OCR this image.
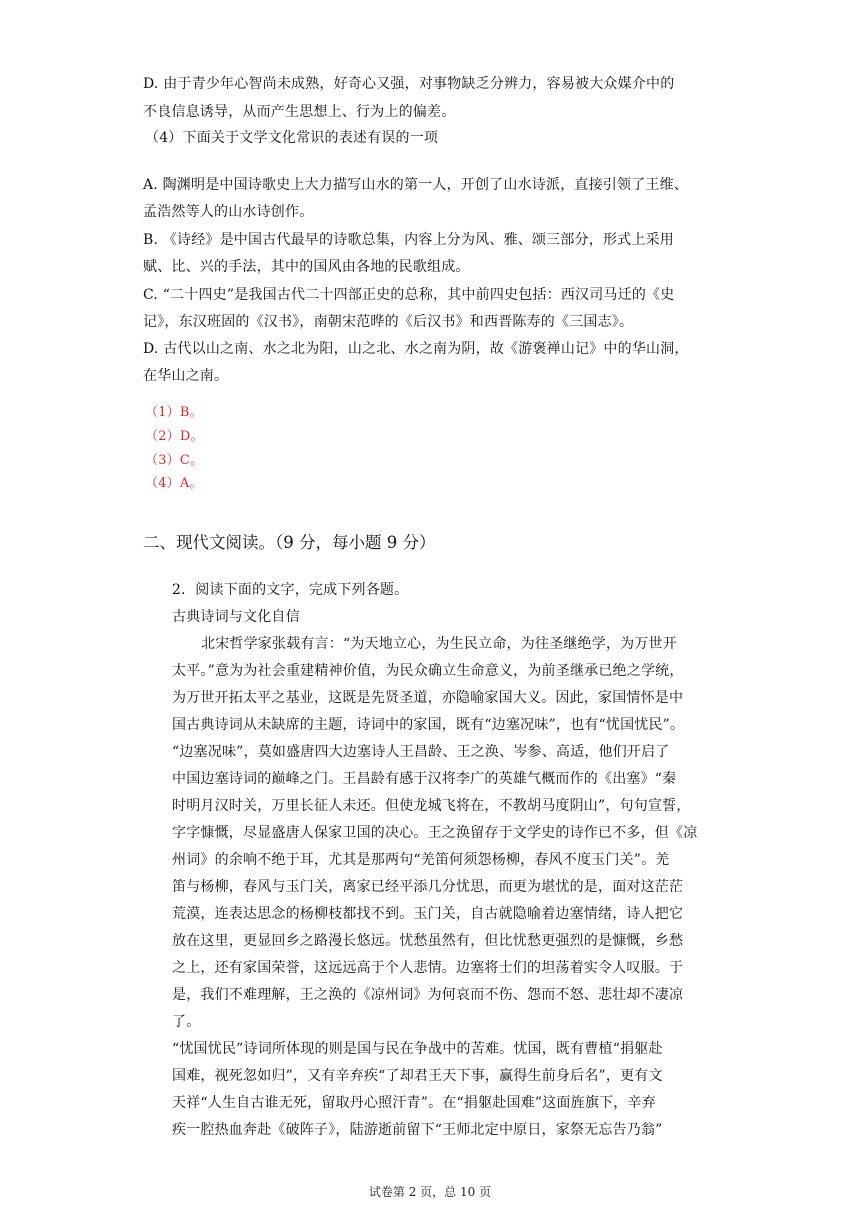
D. 由于青少年心智尚未成熟，好奇心又强，对事物缺乏分辨力，容易被大众媒介中的
不良信息诱导，从而产生思想上、行为上的偏差。
（4）下面关于文学文化常识的表述有误的一项
A. 陶渊明是中国诗歌史上大力描写山水的第一人，开创了山水诗派，直接引领了王维、
孟浩然等人的山水诗创作。
B. 《诗经》是中国古代最早的诗歌总集，内容上分为风、雅、颂三部分，形式上采用
赋、比、兴的手法，其中的国风由各地的民歌组成。
C. “二十四史”是我国古代二十四部正史的总称，其中前四史包括：西汉司马迁的《史
记》，东汉班固的《汉书》，南朝宋范晔的《后汉书》和西晋陈寿的《三国志》。
D. 古代以山之南、水之北为阳，山之北、水之南为阴，故《游褒禅山记》中的华山洞，
在华山之南。
（1）B。
（2）D。
（3）C。
（4）A。
二、现代文阅读。（9 分，每小题 9 分）
2．阅读下面的文字，完成下列各题。
古典诗词与文化自信
北宋哲学家张载有言：“为天地立心，为生民立命，为往圣继绝学，为万世开
太平。”意为为社会重建精神价值，为民众确立生命意义，为前圣继承已绝之学统，
为万世开拓太平之基业，这既是先贤圣道，亦隐喻家国大义。因此，家国情怀是中
国古典诗词从未缺席的主题，诗词中的家国，既有“边塞况味”，也有“忧国忧民”。
“边塞况味”，莫如盛唐四大边塞诗人王昌龄、王之涣、岑参、高适，他们开启了
中国边塞诗词的巅峰之门。王昌龄有感于汉将李广的英雄气概而作的《出塞》“秦
时明月汉时关，万里长征人未还。但使龙城飞将在，不教胡马度阴山”，句句宣誓，
字字慷慨，尽显盛唐人保家卫国的决心。王之涣留存于文学史的诗作已不多，但《凉
州词》的余响不绝于耳，尤其是那两句“羌笛何须怨杨柳，春风不度玉门关”。羌
笛与杨柳，春风与玉门关，离家已经平添几分忧思，而更为堪忧的是，面对这茫茫
荒漠，连表达思念的杨柳枝都找不到。玉门关，自古就隐喻着边塞情绪，诗人把它
放在这里，更显回乡之路漫长悠远。忧愁虽然有，但比忧愁更强烈的是慷慨，乡愁
之上，还有家国荣誉，这远远高于个人悲情。边塞将士们的坦荡着实令人叹服。于
是，我们不难理解，王之涣的《凉州词》为何哀而不伤、怨而不怒、悲壮却不凄凉
了。
“忧国忧民”诗词所体现的则是国与民在争战中的苦难。忧国，既有曹植“捐躯赴
国难，视死忽如归”，又有辛弃疾“了却君王天下事，赢得生前身后名”，更有文
天祥“人生自古谁无死，留取丹心照汗青”。在“捐躯赴国难”这面旌旗下，辛弃
疾一腔热血奔赴《破阵子》，陆游逝前留下“王师北定中原日，家祭无忘告乃翁”
试卷第 2 页，总 10 页
